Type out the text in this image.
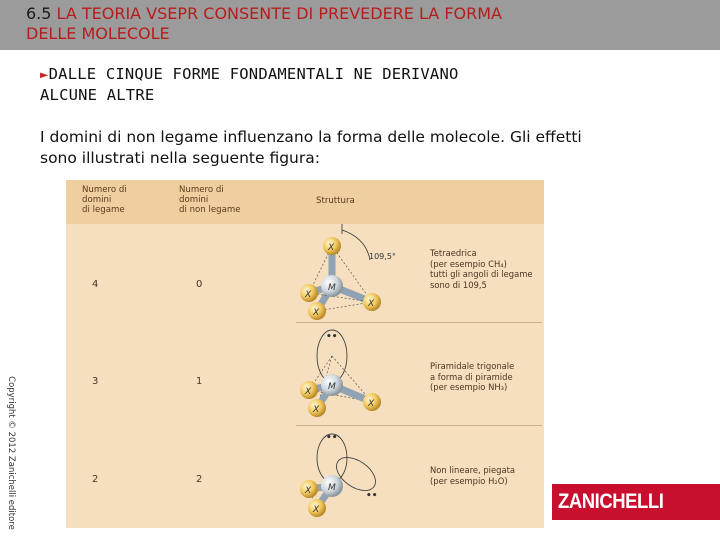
6.5 LA TEORIA VSEPR CONSENTE DI PREVEDERE LA FORMA
DELLE MOLECOLE
►DALLE CINQUE FORME FONDAMENTALI NE DERIVANO
ALCUNE ALTRE
I domini di non legame influenzano la forma delle molecole. Gli effetti
sono illustrati nella seguente figura:
Copyright © 2012 Zanichelli editore
Numero di
domini
di legame
Numero di
domini
di non legame
Struttura
4	0
Tetraedrica
(per esempio CH₄)
tutti gli angoli di legame
sono di 109,5
3	1
Piramidale trigonale
a forma di piramide
(per esempio NH₃)
2	2
Non lineare, piegata
(per esempio H₂O)
109,5°
X
X
X
X
M
••
X
X
X
M
••
••
X
X
M
ZANICHELLI
